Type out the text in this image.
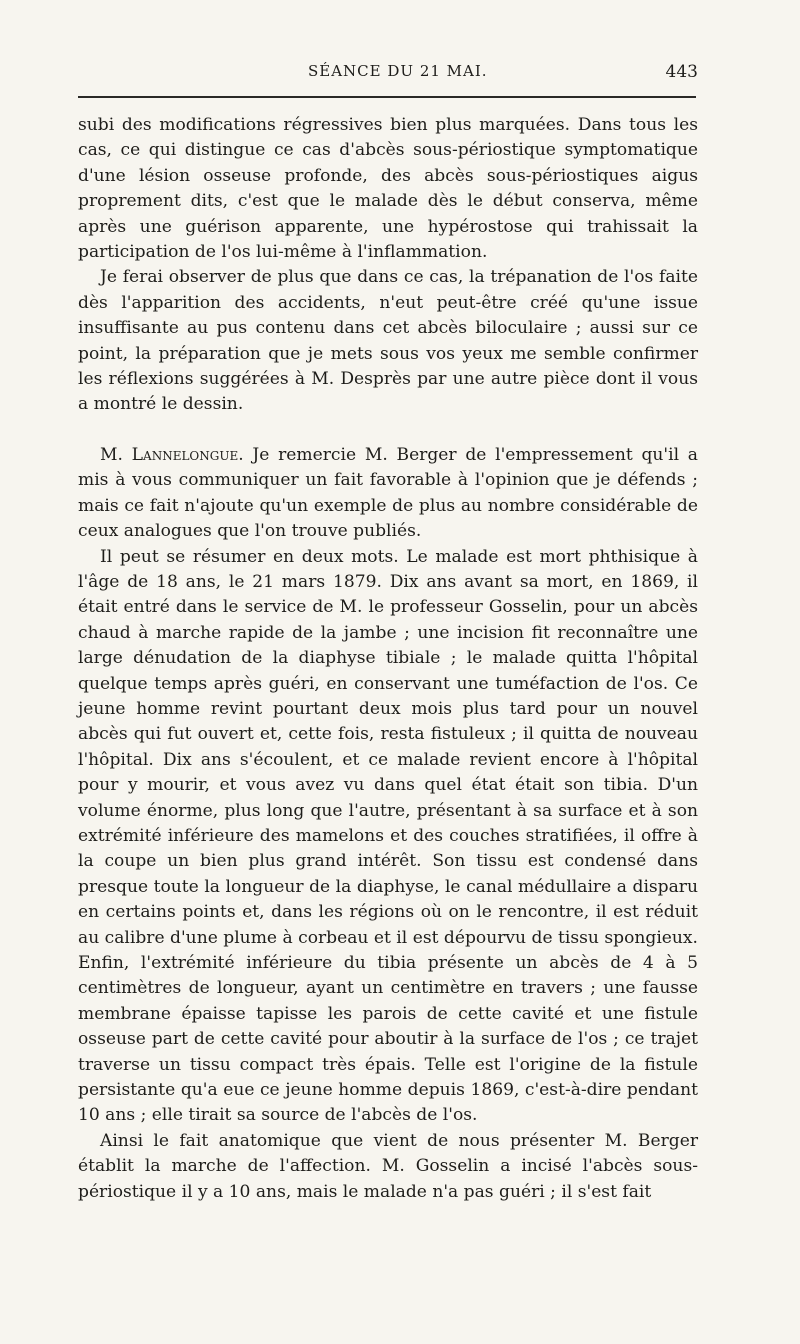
SÉANCE DU 21 MAI.	443

subi des modifications régressives bien plus marquées. Dans tous les cas, ce qui distingue ce cas d'abcès sous-périostique symptomatique d'une lésion osseuse profonde, des abcès sous-périostiques aigus proprement dits, c'est que le malade dès le début conserva, même après une guérison apparente, une hypérostose qui trahissait la participation de l'os lui-même à l'inflammation.

Je ferai observer de plus que dans ce cas, la trépanation de l'os faite dès l'apparition des accidents, n'eut peut-être créé qu'une issue insuffisante au pus contenu dans cet abcès biloculaire ; aussi sur ce point, la préparation que je mets sous vos yeux me semble confirmer les réflexions suggérées à M. Desprès par une autre pièce dont il vous a montré le dessin.

M. Lannelongue. Je remercie M. Berger de l'empressement qu'il a mis à vous communiquer un fait favorable à l'opinion que je défends ; mais ce fait n'ajoute qu'un exemple de plus au nombre considérable de ceux analogues que l'on trouve publiés.

Il peut se résumer en deux mots. Le malade est mort phthisique à l'âge de 18 ans, le 21 mars 1879. Dix ans avant sa mort, en 1869, il était entré dans le service de M. le professeur Gosselin, pour un abcès chaud à marche rapide de la jambe ; une incision fit reconnaître une large dénudation de la diaphyse tibiale ; le malade quitta l'hôpital quelque temps après guéri, en conservant une tuméfaction de l'os. Ce jeune homme revint pourtant deux mois plus tard pour un nouvel abcès qui fut ouvert et, cette fois, resta fistuleux ; il quitta de nouveau l'hôpital. Dix ans s'écoulent, et ce malade revient encore à l'hôpital pour y mourir, et vous avez vu dans quel état était son tibia. D'un volume énorme, plus long que l'autre, présentant à sa surface et à son extrémité inférieure des mamelons et des couches stratifiées, il offre à la coupe un bien plus grand intérêt. Son tissu est condensé dans presque toute la longueur de la diaphyse, le canal médullaire a disparu en certains points et, dans les régions où on le rencontre, il est réduit au calibre d'une plume à corbeau et il est dépourvu de tissu spongieux. Enfin, l'extrémité inférieure du tibia présente un abcès de 4 à 5 centimètres de longueur, ayant un centimètre en travers ; une fausse membrane épaisse tapisse les parois de cette cavité et une fistule osseuse part de cette cavité pour aboutir à la surface de l'os ; ce trajet traverse un tissu compact très épais. Telle est l'origine de la fistule persistante qu'a eue ce jeune homme depuis 1869, c'est-à-dire pendant 10 ans ; elle tirait sa source de l'abcès de l'os.

Ainsi le fait anatomique que vient de nous présenter M. Berger établit la marche de l'affection. M. Gosselin a incisé l'abcès sous-périostique il y a 10 ans, mais le malade n'a pas guéri ; il s'est fait
